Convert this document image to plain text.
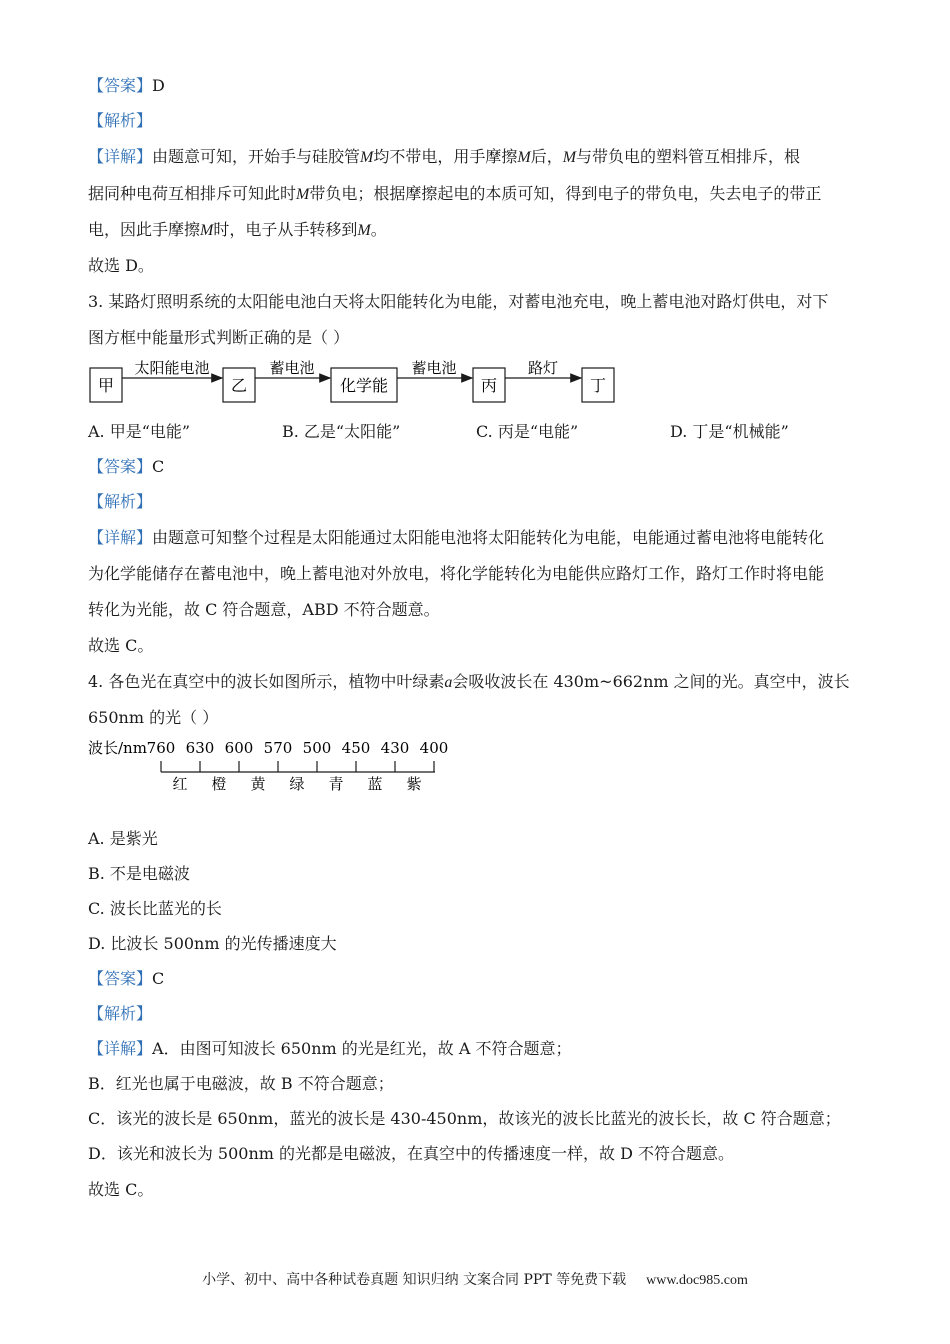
【答案】D
【解析】
【详解】由题意可知，开始手与硅胶管M均不带电，用手摩擦M后，M与带负电的塑料管互相排斥，根
据同种电荷互相排斥可知此时M带负电；根据摩擦起电的本质可知，得到电子的带负电，失去电子的带正
电，因此手摩擦M时，电子从手转移到M。
故选 D。
3. 某路灯照明系统的太阳能电池白天将太阳能转化为电能，对蓄电池充电，晚上蓄电池对路灯供电，对下
图方框中能量形式判断正确的是（ ）
甲	乙	化学能	丙	丁
太阳能电池	蓄电池	蓄电池	路灯
A. 甲是“电能”	B. 乙是“太阳能”	C. 丙是“电能”	D. 丁是“机械能”
【答案】C
【解析】
【详解】由题意可知整个过程是太阳能通过太阳能电池将太阳能转化为电能，电能通过蓄电池将电能转化
为化学能储存在蓄电池中，晚上蓄电池对外放电，将化学能转化为电能供应路灯工作，路灯工作时将电能
转化为光能，故 C 符合题意，ABD 不符合题意。
故选 C。
4. 各色光在真空中的波长如图所示，植物中叶绿素a会吸收波长在 430m~662nm 之间的光。真空中，波长
650nm 的光（ ）
波长/nm 760 630 600 570 500 450 430 400
红 橙 黄 绿 青 蓝 紫
A. 是紫光
B. 不是电磁波
C. 波长比蓝光的长
D. 比波长 500nm 的光传播速度大
【答案】C
【解析】
【详解】A．由图可知波长 650nm 的光是红光，故 A 不符合题意；
B．红光也属于电磁波，故 B 不符合题意；
C．该光的波长是 650nm，蓝光的波长是 430-450nm，故该光的波长比蓝光的波长长，故 C 符合题意；
D．该光和波长为 500nm 的光都是电磁波，在真空中的传播速度一样，故 D 不符合题意。
故选 C。
小学、初中、高中各种试卷真题 知识归纳 文案合同 PPT 等免费下载 www.doc985.com
